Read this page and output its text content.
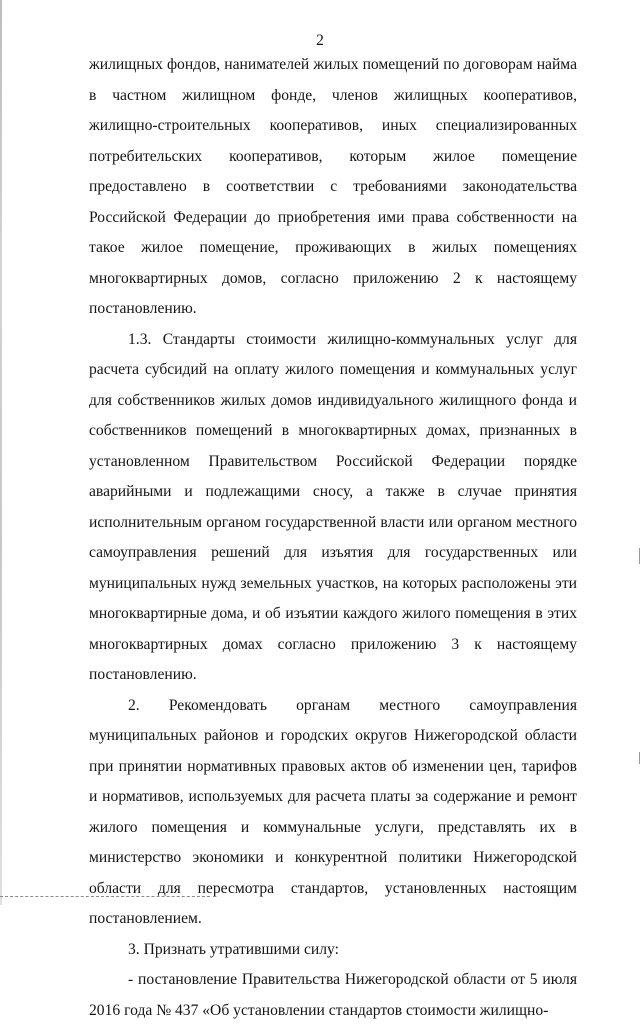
2

жилищных фондов, нанимателей жилых помещений по договорам найма в частном жилищном фонде, членов жилищных кооперативов, жилищно-строительных кооперативов, иных специализированных потребительских кооперативов, которым жилое помещение предоставлено в соответствии с требованиями законодательства Российской Федерации до приобретения ими права собственности на такое жилое помещение, проживающих в жилых помещениях многоквартирных домов, согласно приложению 2 к настоящему постановлению.

1.3. Стандарты стоимости жилищно-коммунальных услуг для расчета субсидий на оплату жилого помещения и коммунальных услуг для собственников жилых домов индивидуального жилищного фонда и собственников помещений в многоквартирных домах, признанных в установленном Правительством Российской Федерации порядке аварийными и подлежащими сносу, а также в случае принятия исполнительным органом государственной власти или органом местного самоуправления решений для изъятия для государственных или муниципальных нужд земельных участков, на которых расположены эти многоквартирные дома, и об изъятии каждого жилого помещения в этих многоквартирных домах согласно приложению 3 к настоящему постановлению.

2. Рекомендовать органам местного самоуправления муниципальных районов и городских округов Нижегородской области при принятии нормативных правовых актов об изменении цен, тарифов и нормативов, используемых для расчета платы за содержание и ремонт жилого помещения и коммунальные услуги, представлять их в министерство экономики и конкурентной политики Нижегородской области для пересмотра стандартов, установленных настоящим постановлением.

3. Признать утратившими силу:

- постановление Правительства Нижегородской области от 5 июля 2016 года № 437 «Об установлении стандартов стоимости жилищно-
